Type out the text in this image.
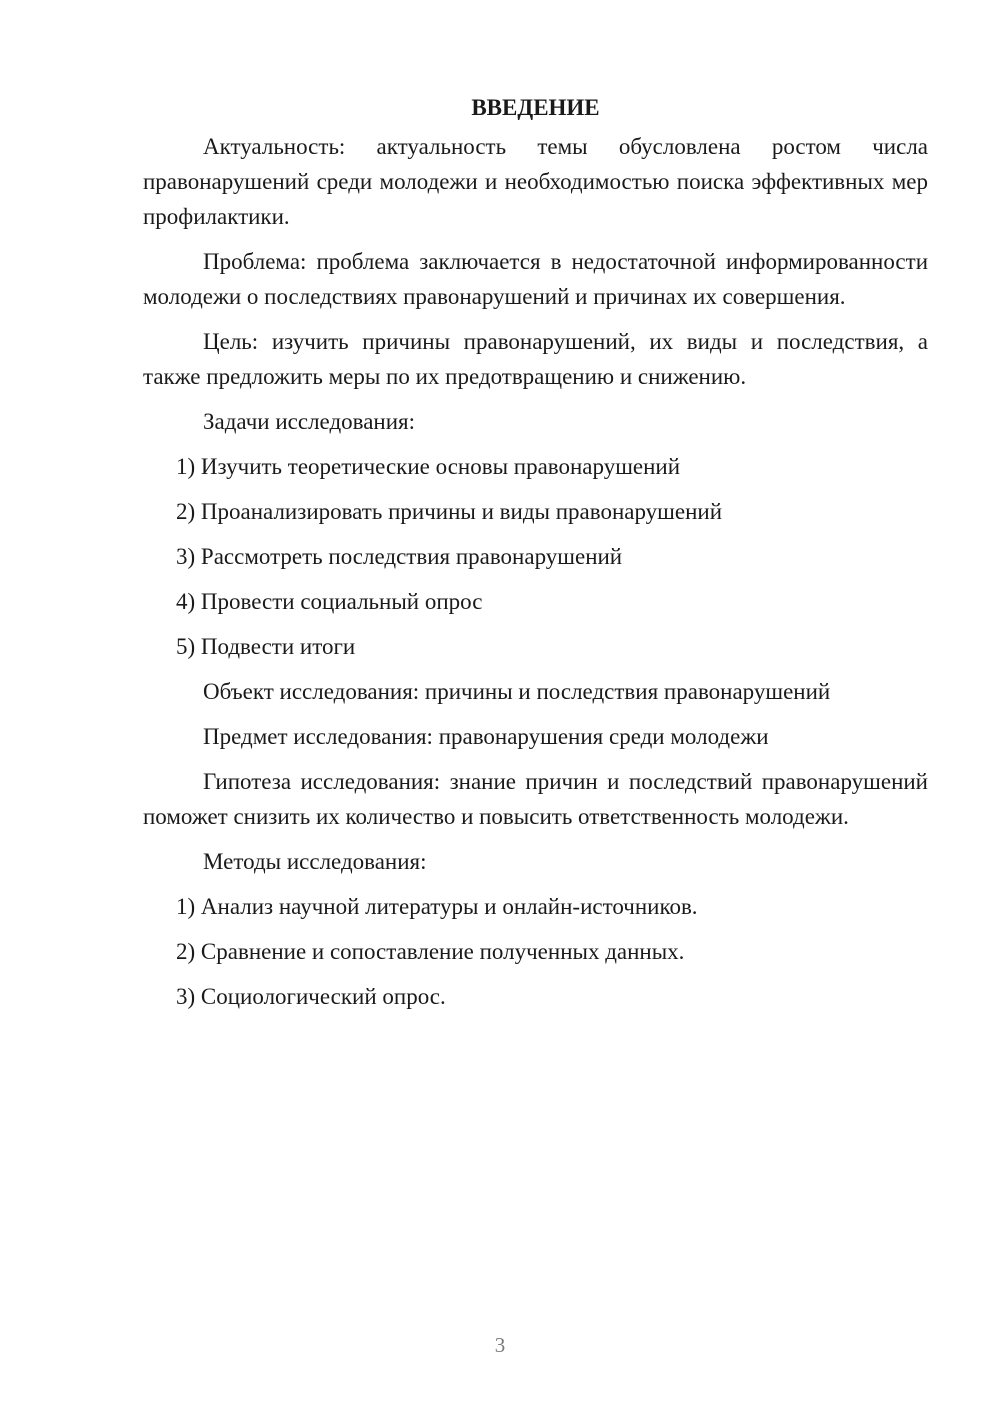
ВВЕДЕНИЕ

Актуальность: актуальность темы обусловлена ростом числа правонарушений среди молодежи и необходимостью поиска эффективных мер профилактики.

Проблема: проблема заключается в недостаточной информированности молодежи о последствиях правонарушений и причинах их совершения.

Цель: изучить причины правонарушений, их виды и последствия, а также предложить меры по их предотвращению и снижению.

Задачи исследования:

1) Изучить теоретические основы правонарушений

2) Проанализировать причины и виды правонарушений

3) Рассмотреть последствия правонарушений

4) Провести социальный опрос

5) Подвести итоги

Объект исследования: причины и последствия правонарушений

Предмет исследования: правонарушения среди молодежи

Гипотеза исследования: знание причин и последствий правонарушений поможет снизить их количество и повысить ответственность молодежи.

Методы исследования:

1) Анализ научной литературы и онлайн-источников.

2) Сравнение и сопоставление полученных данных.

3) Социологический опрос.

3
